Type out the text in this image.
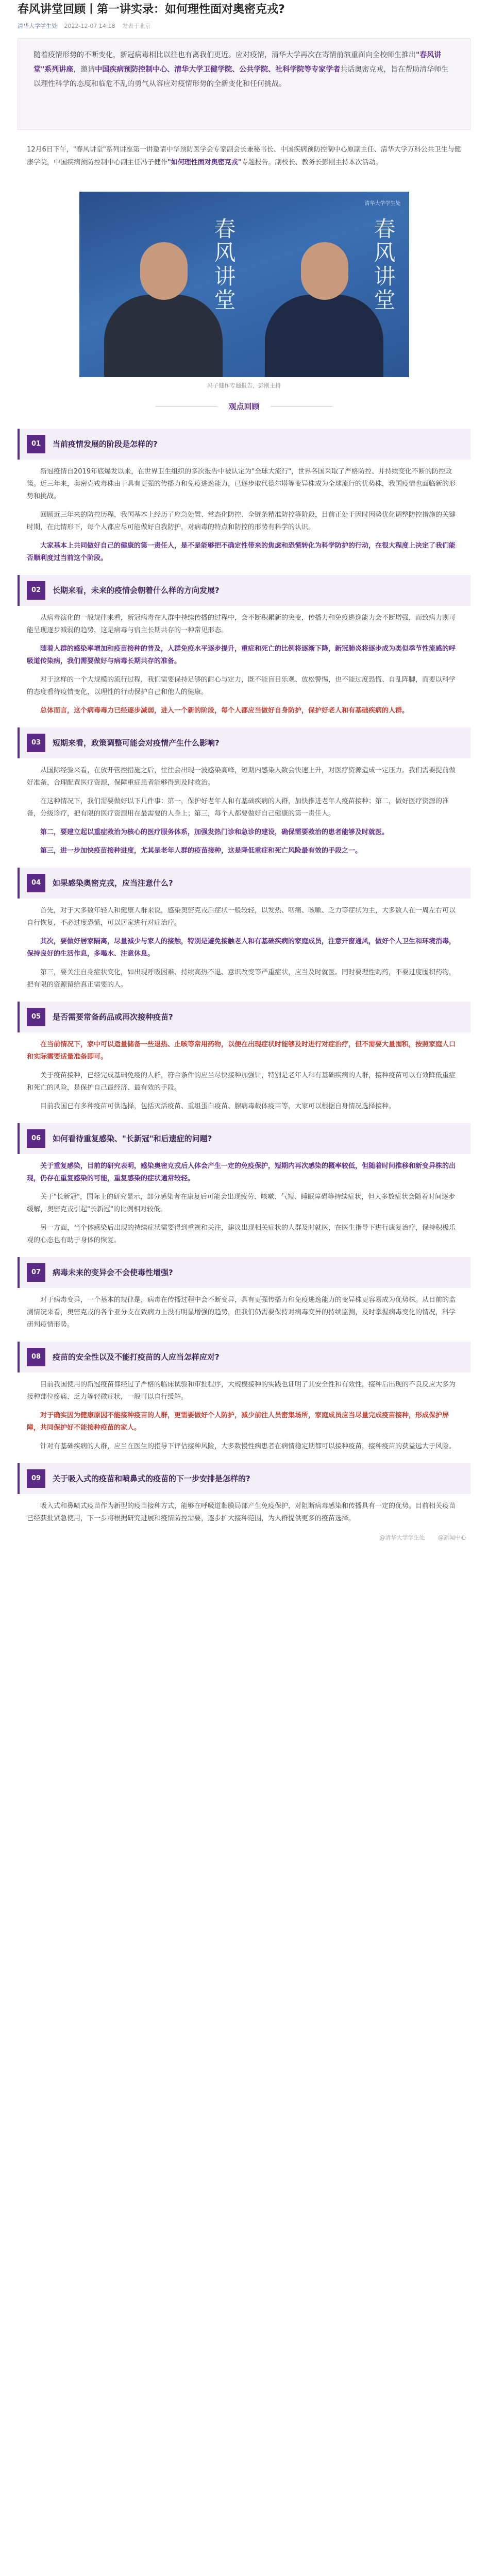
春风讲堂回顾丨第一讲实录：如何理性面对奥密克戎?
清华大学学生处 2022-12-07 14:18 发表于北京

随着疫情形势的不断变化，新冠病毒相比以往也有离我们更近。应对疫情，清华大学再次在寄情前演重面向全校师生推出"春风讲堂"系列讲座，邀请中国疾病预防控制中心、清华大学卫健学院、公共学院、社科学院等专家学者共话奥密克戎，旨在帮助清华师生以理性科学的态度和临危不乱的勇气从容应对疫情形势的全新变化和任何挑战。

12月6日下午，"春风讲堂"系列讲座第一讲邀请中华预防医学会专家副会长兼秘书长、中国疾病预防控制中心原副主任、清华大学万科公共卫生与健康学院，中国疾病预防控制中心副主任冯子健作"如何理性面对奥密克戎"专题报告。副校长、教务长彭刚主持本次活动。
春风讲堂	春风讲堂
清华大学学生处
冯子健作专题报告，彭刚主持
观点回顾
01	当前疫情发展的阶段是怎样的?

新冠疫情自2019年底爆发以来，在世界卫生组织的多次报告中被认定为"全球大流行"，世界各国采取了严格防控、并持续变化不断的防控政策。近三年来，奥密克戎毒株由于具有更强的传播力和免疫逃逸能力，已逐步取代德尔塔等变异株成为全球流行的优势株，我国疫情也面临新的形势和挑战。

回顾近三年来的防控历程，我国基本上经历了应急处置、常态化防控、全链条精准防控等阶段，目前正处于因时因势优化调整防控措施的关键时期，在此情形下，每个人都应尽可能做好自我防护，对病毒的特点和防控的形势有科学的认识。

大家基本上共同做好自己的健康的第一责任人，是不是能够把不确定性带来的焦虑和恐慌转化为科学防护的行动，在很大程度上决定了我们能否顺利度过当前这个阶段。

02	长期来看，未来的疫情会朝着什么样的方向发展?

从病毒演化的一般规律来看，新冠病毒在人群中持续传播的过程中，会不断积累新的突变，传播力和免疫逃逸能力会不断增强，而致病力则可能呈现逐步减弱的趋势，这是病毒与宿主长期共存的一种常见形态。

随着人群的感染率增加和疫苗接种的普及，人群免疫水平逐步提升，重症和死亡的比例将逐渐下降，新冠肺炎将逐步成为类似季节性流感的呼吸道传染病，我们需要做好与病毒长期共存的准备。

对于这样的一个大规模的流行过程，我们需要保持足够的耐心与定力，既不能盲目乐观、放松警惕，也不能过度恐慌、自乱阵脚，而要以科学的态度看待疫情变化，以理性的行动保护自己和他人的健康。

总体而言，这个病毒毒力已经逐步减弱，进入一个新的阶段，每个人都应当做好自身防护，保护好老人和有基础疾病的人群。

03	短期来看，政策调整可能会对疫情产生什么影响?

从国际经验来看，在放开管控措施之后，往往会出现一波感染高峰，短期内感染人数会快速上升，对医疗资源造成一定压力。我们需要提前做好准备，合理配置医疗资源，保障重症患者能够得到及时救治。

在这种情况下，我们需要做好以下几件事：第一，保护好老年人和有基础疾病的人群，加快推进老年人疫苗接种；第二，做好医疗资源的准备，分级诊疗，把有限的医疗资源用在最需要的人身上；第三，每个人都要做好自己健康的第一责任人。

第二，要建立起以重症救治为核心的医疗服务体系，加强发热门诊和急诊的建设，确保需要救治的患者能够及时就医。

第三，进一步加快疫苗接种进度，尤其是老年人群的疫苗接种，这是降低重症和死亡风险最有效的手段之一。

04	如果感染奥密克戎，应当注意什么?

首先，对于大多数年轻人和健康人群来说，感染奥密克戎后症状一般较轻，以发热、咽痛、咳嗽、乏力等症状为主，大多数人在一周左右可以自行恢复，不必过度恐慌，可以居家进行对症治疗。

其次，要做好居家隔离，尽量减少与家人的接触，特别是避免接触老人和有基础疾病的家庭成员，注意开窗通风，做好个人卫生和环境消毒，保持良好的生活作息，多喝水、注意休息。

第三，要关注自身症状变化，如出现呼吸困难、持续高热不退、意识改变等严重症状，应当及时就医。同时要理性购药，不要过度囤积药物，把有限的资源留给真正需要的人。

05	是否需要常备药品或再次接种疫苗?

在当前情况下，家中可以适量储备一些退热、止咳等常用药物，以便在出现症状时能够及时进行对症治疗，但不需要大量囤积，按照家庭人口和实际需要适量准备即可。

关于疫苗接种，已经完成基础免疫的人群，符合条件的应当尽快接种加强针，特别是老年人和有基础疾病的人群，接种疫苗可以有效降低重症和死亡的风险，是保护自己最经济、最有效的手段。

目前我国已有多种疫苗可供选择，包括灭活疫苗、重组蛋白疫苗、腺病毒载体疫苗等，大家可以根据自身情况选择接种。

06	如何看待重复感染、"长新冠"和后遗症的问题?

关于重复感染，目前的研究表明，感染奥密克戎后人体会产生一定的免疫保护，短期内再次感染的概率较低，但随着时间推移和新变异株的出现，仍存在重复感染的可能，重复感染的症状通常较轻。

关于"长新冠"，国际上的研究显示，部分感染者在康复后可能会出现疲劳、咳嗽、气短、睡眠障碍等持续症状，但大多数症状会随着时间逐步缓解，奥密克戎引起"长新冠"的比例相对较低。

另一方面，当个体感染后出现的持续症状需要得到重视和关注，建议出现相关症状的人群及时就医，在医生指导下进行康复治疗，保持积极乐观的心态也有助于身体的恢复。

07	病毒未来的变异会不会使毒性增强?

对于病毒变异，一个基本的规律是，病毒在传播过程中会不断变异，具有更强传播力和免疫逃逸能力的变异株更容易成为优势株。从目前的监测情况来看，奥密克戎的各个亚分支在致病力上没有明显增强的趋势，但我们仍需要保持对病毒变异的持续监测，及时掌握病毒变化的情况，科学研判疫情形势。

08	疫苗的安全性以及不能打疫苗的人应当怎样应对?

目前我国使用的新冠疫苗都经过了严格的临床试验和审批程序，大规模接种的实践也证明了其安全性和有效性，接种后出现的不良反应大多为接种部位疼痛、乏力等轻微症状，一般可以自行缓解。

对于确实因为健康原因不能接种疫苗的人群，更需要做好个人防护，减少前往人员密集场所，家庭成员应当尽量完成疫苗接种，形成保护屏障，共同保护好不能接种疫苗的家人。

针对有基础疾病的人群，应当在医生的指导下评估接种风险，大多数慢性病患者在病情稳定期都可以接种疫苗，接种疫苗的获益远大于风险。

09	关于吸入式的疫苗和喷鼻式的疫苗的下一步安排是怎样的?

吸入式和鼻喷式疫苗作为新型的疫苗接种方式，能够在呼吸道黏膜局部产生免疫保护，对阻断病毒感染和传播具有一定的优势。目前相关疫苗已经获批紧急使用，下一步将根据研究进展和疫情防控需要，逐步扩大接种范围，为人群提供更多的疫苗选择。

@清华大学学生处 @新闻中心
